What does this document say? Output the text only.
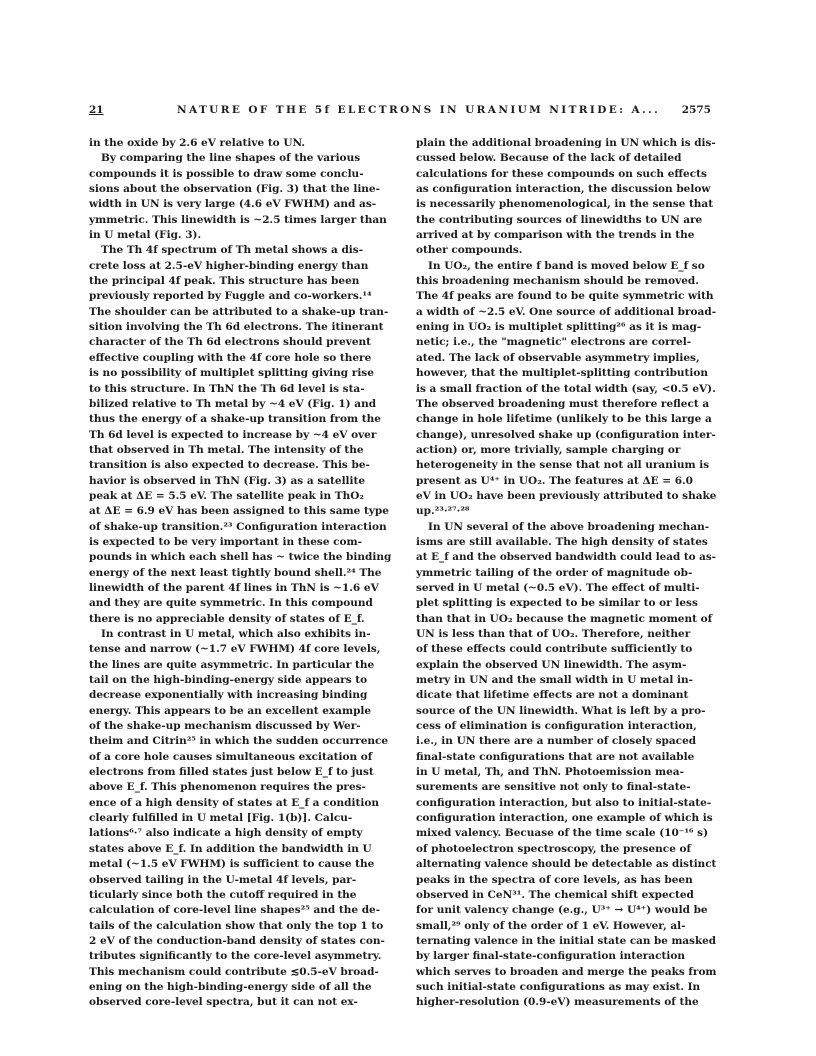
21	NATURE OF THE 5f ELECTRONS IN URANIUM NITRIDE: A... 2575
in the oxide by 2.6 eV relative to UN.
By comparing the line shapes of the various
compounds it is possible to draw some conclu-
sions about the observation (Fig. 3) that the line-
width in UN is very large (4.6 eV FWHM) and as-
ymmetric. This linewidth is ~2.5 times larger than
in U metal (Fig. 3).
The Th 4f spectrum of Th metal shows a dis-
crete loss at 2.5-eV higher-binding energy than
the principal 4f peak. This structure has been
previously reported by Fuggle and co-workers.¹⁴
The shoulder can be attributed to a shake-up tran-
sition involving the Th 6d electrons. The itinerant
character of the Th 6d electrons should prevent
effective coupling with the 4f core hole so there
is no possibility of multiplet splitting giving rise
to this structure. In ThN the Th 6d level is sta-
bilized relative to Th metal by ~4 eV (Fig. 1) and
thus the energy of a shake-up transition from the
Th 6d level is expected to increase by ~4 eV over
that observed in Th metal. The intensity of the
transition is also expected to decrease. This be-
havior is observed in ThN (Fig. 3) as a satellite
peak at ΔE = 5.5 eV. The satellite peak in ThO₂
at ΔE = 6.9 eV has been assigned to this same type
of shake-up transition.²³ Configuration interaction
is expected to be very important in these com-
pounds in which each shell has ~ twice the binding
energy of the next least tightly bound shell.²⁴ The
linewidth of the parent 4f lines in ThN is ~1.6 eV
and they are quite symmetric. In this compound
there is no appreciable density of states of E_f.
In contrast in U metal, which also exhibits in-
tense and narrow (~1.7 eV FWHM) 4f core levels,
the lines are quite asymmetric. In particular the
tail on the high-binding-energy side appears to
decrease exponentially with increasing binding
energy. This appears to be an excellent example
of the shake-up mechanism discussed by Wer-
theim and Citrin²⁵ in which the sudden occurrence
of a core hole causes simultaneous excitation of
electrons from filled states just below E_f to just
above E_f. This phenomenon requires the pres-
ence of a high density of states at E_f a condition
clearly fulfilled in U metal [Fig. 1(b)]. Calcu-
lations⁶·⁷ also indicate a high density of empty
states above E_f. In addition the bandwidth in U
metal (~1.5 eV FWHM) is sufficient to cause the
observed tailing in the U-metal 4f levels, par-
ticularly since both the cutoff required in the
calculation of core-level line shapes²⁵ and the de-
tails of the calculation show that only the top 1 to
2 eV of the conduction-band density of states con-
tributes significantly to the core-level asymmetry.
This mechanism could contribute ≲0.5-eV broad-
ening on the high-binding-energy side of all the
observed core-level spectra, but it can not ex-
plain the additional broadening in UN which is dis-
cussed below. Because of the lack of detailed
calculations for these compounds on such effects
as configuration interaction, the discussion below
is necessarily phenomenological, in the sense that
the contributing sources of linewidths to UN are
arrived at by comparison with the trends in the
other compounds.
In UO₂, the entire f band is moved below E_f so
this broadening mechanism should be removed.
The 4f peaks are found to be quite symmetric with
a width of ~2.5 eV. One source of additional broad-
ening in UO₂ is multiplet splitting²⁶ as it is mag-
netic; i.e., the "magnetic" electrons are correl-
ated. The lack of observable asymmetry implies,
however, that the multiplet-splitting contribution
is a small fraction of the total width (say, <0.5 eV).
The observed broadening must therefore reflect a
change in hole lifetime (unlikely to be this large a
change), unresolved shake up (configuration inter-
action) or, more trivially, sample charging or
heterogeneity in the sense that not all uranium is
present as U⁴⁺ in UO₂. The features at ΔE = 6.0
eV in UO₂ have been previously attributed to shake
up.²³·²⁷·²⁸
In UN several of the above broadening mechan-
isms are still available. The high density of states
at E_f and the observed bandwidth could lead to as-
ymmetric tailing of the order of magnitude ob-
served in U metal (~0.5 eV). The effect of multi-
plet splitting is expected to be similar to or less
than that in UO₂ because the magnetic moment of
UN is less than that of UO₂. Therefore, neither
of these effects could contribute sufficiently to
explain the observed UN linewidth. The asym-
metry in UN and the small width in U metal in-
dicate that lifetime effects are not a dominant
source of the UN linewidth. What is left by a pro-
cess of elimination is configuration interaction,
i.e., in UN there are a number of closely spaced
final-state configurations that are not available
in U metal, Th, and ThN. Photoemission mea-
surements are sensitive not only to final-state-
configuration interaction, but also to initial-state-
configuration interaction, one example of which is
mixed valency. Becuase of the time scale (10⁻¹⁶ s)
of photoelectron spectroscopy, the presence of
alternating valence should be detectable as distinct
peaks in the spectra of core levels, as has been
observed in CeN³¹. The chemical shift expected
for unit valency change (e.g., U³⁺ → U⁴⁺) would be
small,²⁹ only of the order of 1 eV. However, al-
ternating valence in the initial state can be masked
by larger final-state-configuration interaction
which serves to broaden and merge the peaks from
such initial-state configurations as may exist. In
higher-resolution (0.9-eV) measurements of the
